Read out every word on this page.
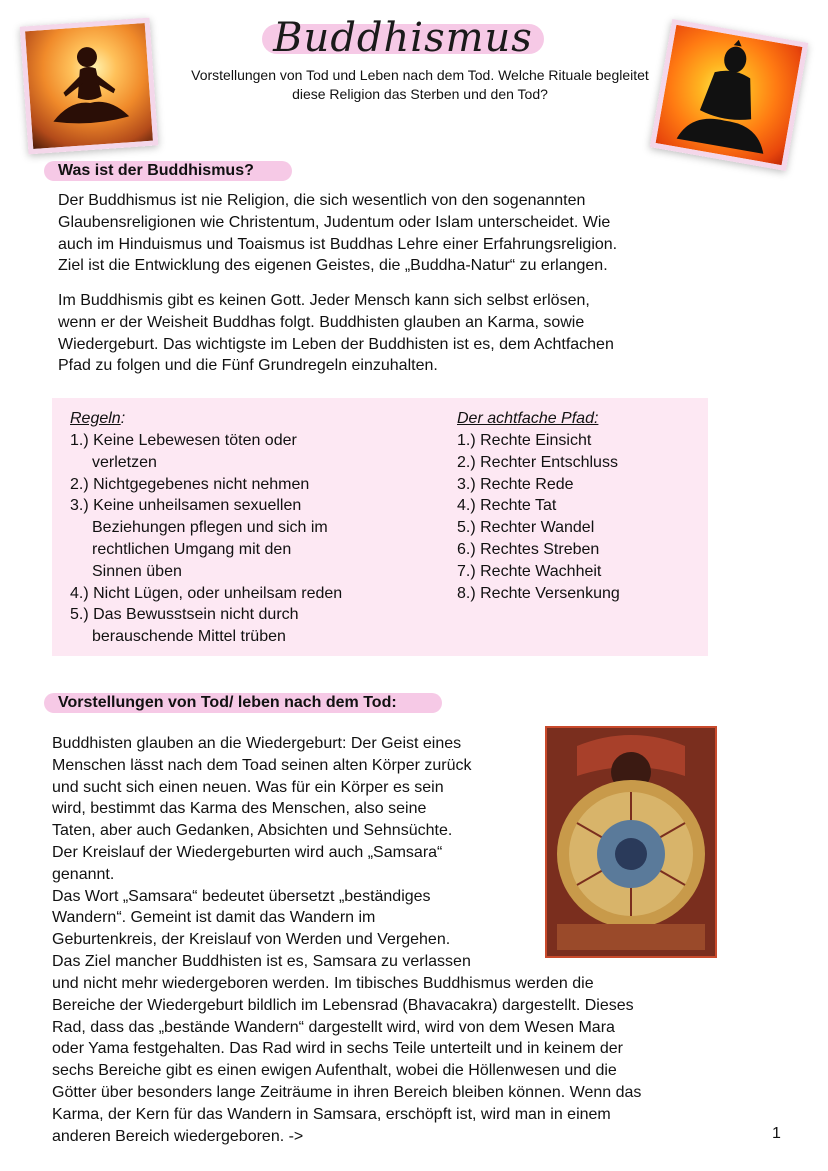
Buddhismus
Vorstellungen von Tod und Leben nach dem Tod. Welche Rituale begleitet
diese Religion das Sterben und den Tod?
Was ist der Buddhismus?
Der Buddhismus ist nie Religion, die sich wesentlich von den sogenannten
Glaubensreligionen wie Christentum, Judentum oder Islam unterscheidet. Wie
auch im Hinduismus und Toaismus ist Buddhas Lehre einer Erfahrungsreligion.
Ziel ist die Entwicklung des eigenen Geistes, die „Buddha-Natur“ zu erlangen.
Im Buddhismis gibt es keinen Gott. Jeder Mensch kann sich selbst erlösen,
wenn er der Weisheit Buddhas folgt. Buddhisten glauben an Karma, sowie
Wiedergeburt. Das wichtigste im Leben der Buddhisten ist es, dem Achtfachen
Pfad zu folgen und die Fünf Grundregeln einzuhalten.
Regeln:
1.) Keine Lebewesen töten oder
verletzen
2.) Nichtgegebenes nicht nehmen
3.) Keine unheilsamen sexuellen
Beziehungen pflegen und sich im
rechtlichen Umgang mit den
Sinnen üben
4.) Nicht Lügen, oder unheilsam reden
5.) Das Bewusstsein nicht durch
berauschende Mittel trüben
Der achtfache Pfad:
1.) Rechte Einsicht
2.) Rechter Entschluss
3.) Rechte Rede
4.) Rechte Tat
5.) Rechter Wandel
6.) Rechtes Streben
7.) Rechte Wachheit
8.) Rechte Versenkung
Vorstellungen von Tod/ leben nach dem Tod:
Buddhisten glauben an die Wiedergeburt: Der Geist eines
Menschen lässt nach dem Toad seinen alten Körper zurück
und sucht sich einen neuen. Was für ein Körper es sein
wird, bestimmt das Karma des Menschen, also seine
Taten, aber auch Gedanken, Absichten und Sehnsüchte.
Der Kreislauf der Wiedergeburten wird auch „Samsara“
genannt.
Das Wort „Samsara“ bedeutet übersetzt „beständiges
Wandern“. Gemeint ist damit das Wandern im
Geburtenkreis, der Kreislauf von Werden und Vergehen.
Das Ziel mancher Buddhisten ist es, Samsara zu verlassen
und nicht mehr wiedergeboren werden. Im tibisches Buddhismus werden die
Bereiche der Wiedergeburt bildlich im Lebensrad (Bhavacakra) dargestellt. Dieses
Rad, dass das „bestände Wandern“ dargestellt wird, wird von dem Wesen Mara
oder Yama festgehalten. Das Rad wird in sechs Teile unterteilt und in keinem der
sechs Bereiche gibt es einen ewigen Aufenthalt, wobei die Höllenwesen und die
Götter über besonders lange Zeiträume in ihren Bereich bleiben können. Wenn das
Karma, der Kern für das Wandern in Samsara, erschöpft ist, wird man in einem
anderen Bereich wiedergeboren. ->	1
